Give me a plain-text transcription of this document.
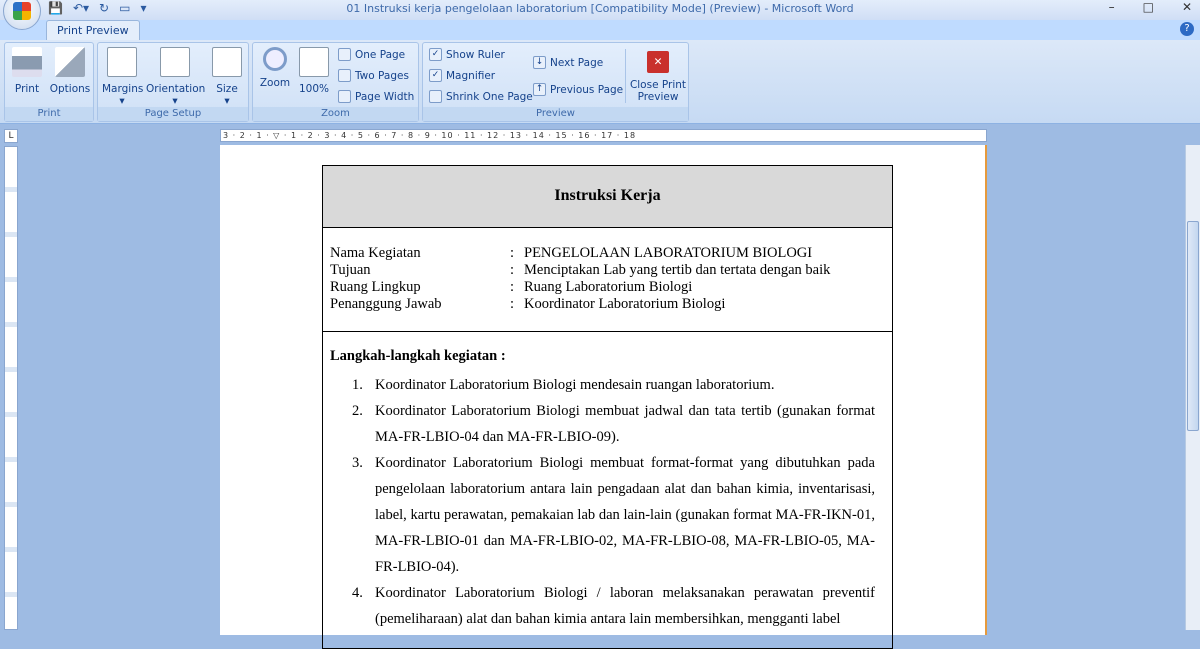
💾 ↶▾ ↻ ▭ ▾	01 Instruksi kerja pengelolaan laboratorium [Compatibility Mode] (Preview) - Microsoft Word	– □ ✕
Print Preview	?
Print	Options
Print
Margins
▾
Orientation
▾
Size
▾
Page Setup
Zoom 100%
One Page
Two Pages
Page Width
Zoom
✓ Show Ruler
✓ Magnifier
Shrink One Page
↓ Next Page
↑ Previous Page
✕
Close Print Preview
Preview
L	3 · 2 · 1 · ▽ · 1 · 2 · 3 · 4 · 5 · 6 · 7 · 8 · 9 · 10 · 11 · 12 · 13 · 14 · 15 · 16 · 17 · 18
Instruksi Kerja
Nama Kegiatan	: PENGELOLAAN LABORATORIUM BIOLOGI
Tujuan	: Menciptakan Lab yang tertib dan tertata dengan baik
Ruang Lingkup	: Ruang Laboratorium Biologi
Penanggung Jawab	: Koordinator Laboratorium Biologi
Langkah-langkah kegiatan :
1. Koordinator Laboratorium Biologi mendesain ruangan laboratorium.
2. Koordinator Laboratorium Biologi membuat jadwal dan tata tertib (gunakan format MA-FR-LBIO-04 dan MA-FR-LBIO-09).
3. Koordinator Laboratorium Biologi membuat format-format yang dibutuhkan pada pengelolaan laboratorium antara lain pengadaan alat dan bahan kimia, inventarisasi, label, kartu perawatan, pemakaian lab dan lain-lain (gunakan format MA-FR-IKN-01, MA-FR-LBIO-01 dan MA-FR-LBIO-02, MA-FR-LBIO-08, MA-FR-LBIO-05, MA-FR-LBIO-04).
4. Koordinator Laboratorium Biologi / laboran melaksanakan perawatan preventif (pemeliharaan) alat dan bahan kimia antara lain membersihkan, mengganti label
